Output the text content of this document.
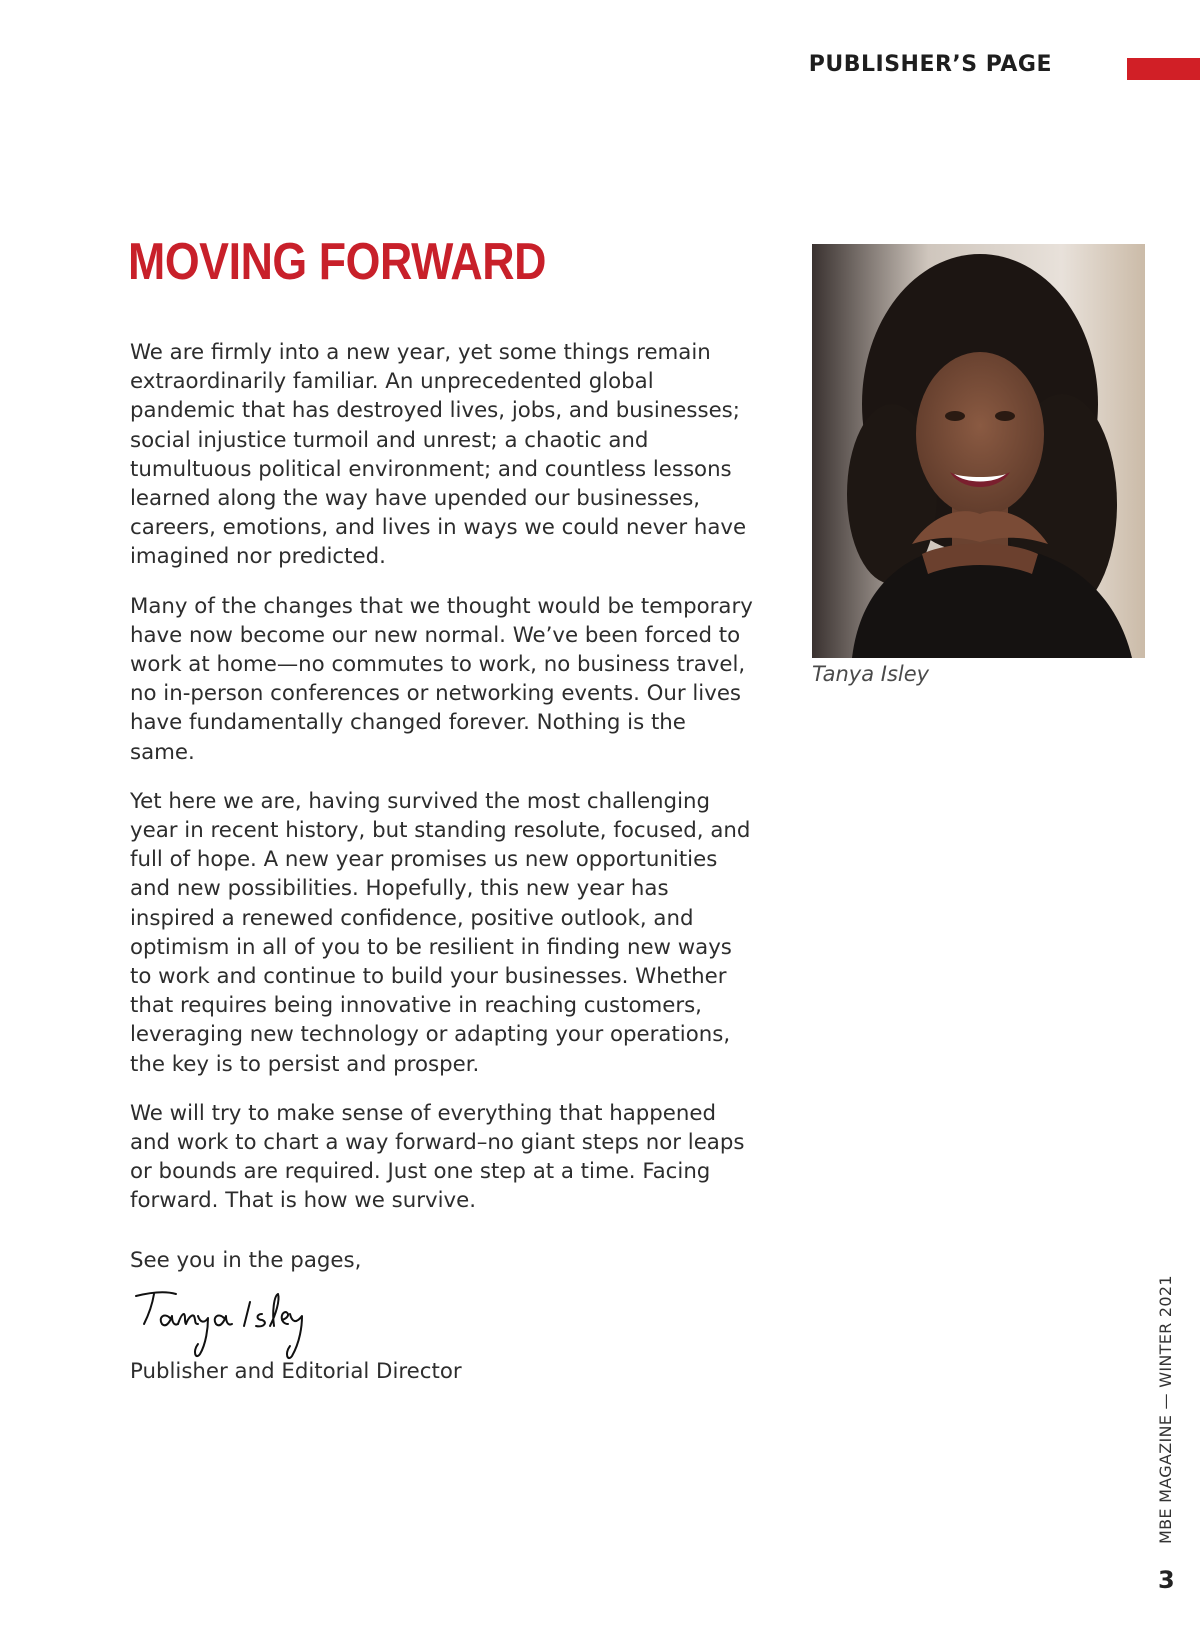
PUBLISHER’S PAGE
MOVING FORWARD

We are firmly into a new year, yet some things remain extraordinarily familiar. An unprecedented global pandemic that has destroyed lives, jobs, and businesses; social injustice turmoil and unrest; a chaotic and tumultuous political environment; and countless lessons learned along the way have upended our businesses, careers, emotions, and lives in ways we could never have imagined nor predicted.

Many of the changes that we thought would be temporary have now become our new normal. We’ve been forced to work at home—no commutes to work, no business travel, no in-person conferences or networking events. Our lives have fundamentally changed forever. Nothing is the same.

Yet here we are, having survived the most challenging year in recent history, but standing resolute, focused, and full of hope. A new year promises us new opportunities and new possibilities. Hopefully, this new year has inspired a renewed confidence, positive outlook, and optimism in all of you to be resilient in finding new ways to work and continue to build your businesses. Whether that requires being innovative in reaching customers, leveraging new technology or adapting your operations, the key is to persist and prosper.

We will try to make sense of everything that happened and work to chart a way forward–no giant steps nor leaps or bounds are required. Just one step at a time. Facing forward. That is how we survive.

See you in the pages,
Publisher and Editorial Director
Tanya Isley
MBE MAGAZINE — WINTER 2021
3
